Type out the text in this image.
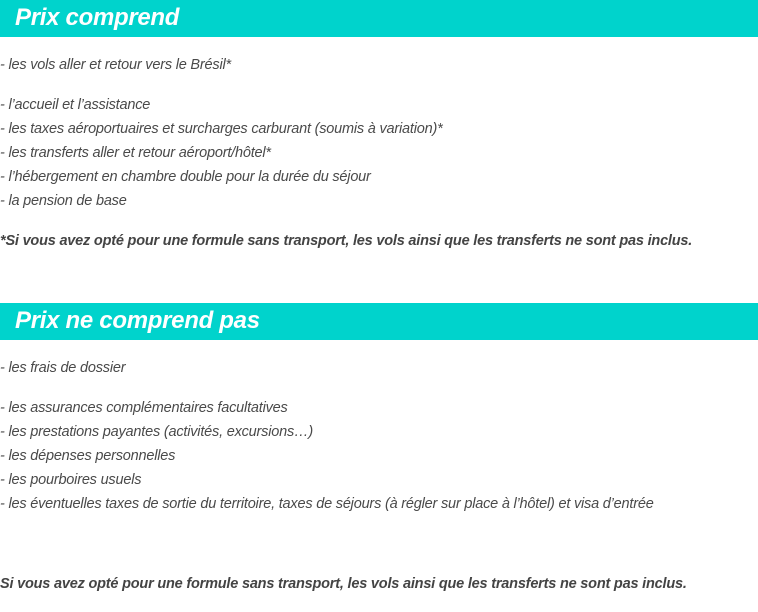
Prix comprend
- les vols aller et retour vers le Brésil*
- l’accueil et l’assistance
- les taxes aéroportuaires et surcharges carburant (soumis à variation)*
- les transferts aller et retour aéroport/hôtel*
- l’hébergement en chambre double pour la durée du séjour
- la pension de base
*Si vous avez opté pour une formule sans transport, les vols ainsi que les transferts ne sont pas inclus.
Prix ne comprend pas
- les frais de dossier
- les assurances complémentaires facultatives
- les prestations payantes (activités, excursions…)
- les dépenses personnelles
- les pourboires usuels
- les éventuelles taxes de sortie du territoire, taxes de séjours (à régler sur place à l’hôtel) et visa d’entrée
Si vous avez opté pour une formule sans transport, les vols ainsi que les transferts ne sont pas inclus.
